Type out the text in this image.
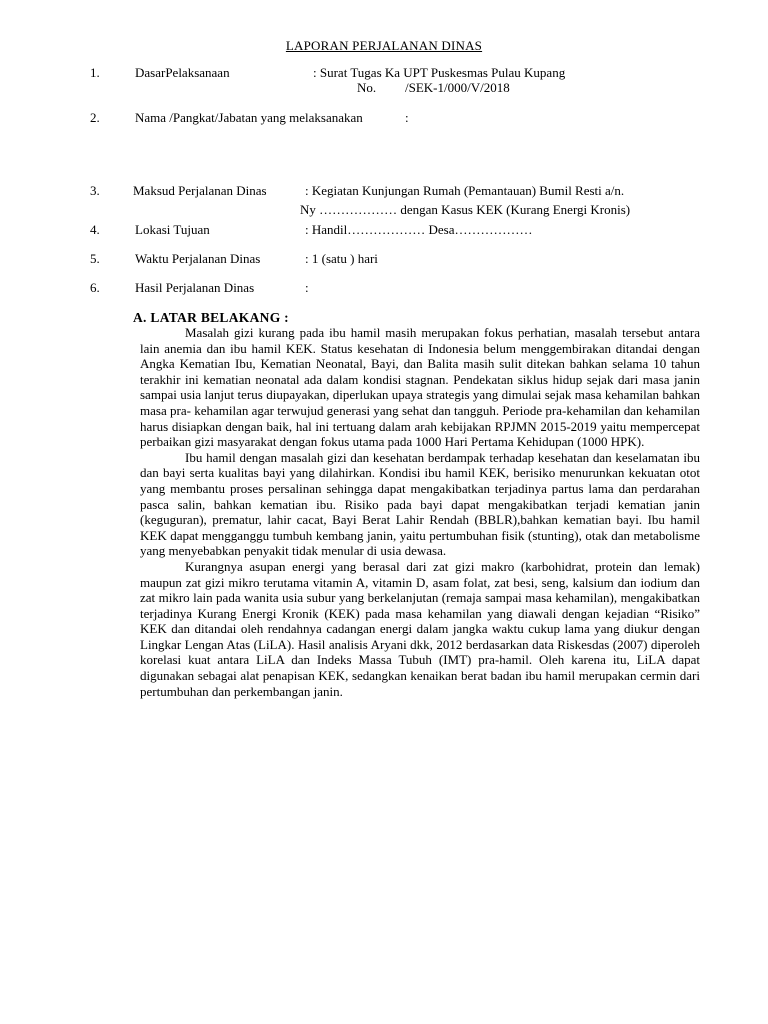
LAPORAN PERJALANAN DINAS
1.	DasarPelaksanaan	: Surat Tugas Ka UPT Puskesmas Pulau Kupang
No. /SEK-1/000/V/2018
2.	Nama /Pangkat/Jabatan yang melaksanakan	:
3.	Maksud Perjalanan Dinas	: Kegiatan Kunjungan Rumah (Pemantauan) Bumil Resti a/n.
Ny ……………… dengan Kasus KEK (Kurang Energi Kronis)
4.	Lokasi Tujuan	: Handil……………… Desa………………
5.	Waktu Perjalanan Dinas	: 1 (satu ) hari
6.	Hasil Perjalanan Dinas	:
A. LATAR BELAKANG :

Masalah gizi kurang pada ibu hamil masih merupakan fokus perhatian, masalah tersebut antara lain anemia dan ibu hamil KEK. Status kesehatan di Indonesia belum menggembirakan ditandai dengan Angka Kematian Ibu, Kematian Neonatal, Bayi, dan Balita masih sulit ditekan bahkan selama 10 tahun terakhir ini kematian neonatal ada dalam kondisi stagnan. Pendekatan siklus hidup sejak dari masa janin sampai usia lanjut terus diupayakan, diperlukan upaya strategis yang dimulai sejak masa kehamilan bahkan masa pra- kehamilan agar terwujud generasi yang sehat dan tangguh. Periode pra-kehamilan dan kehamilan harus disiapkan dengan baik, hal ini tertuang dalam arah kebijakan RPJMN 2015-2019 yaitu mempercepat perbaikan gizi masyarakat dengan fokus utama pada 1000 Hari Pertama Kehidupan (1000 HPK).

Ibu hamil dengan masalah gizi dan kesehatan berdampak terhadap kesehatan dan keselamatan ibu dan bayi serta kualitas bayi yang dilahirkan. Kondisi ibu hamil KEK, berisiko menurunkan kekuatan otot yang membantu proses persalinan sehingga dapat mengakibatkan terjadinya partus lama dan perdarahan pasca salin, bahkan kematian ibu. Risiko pada bayi dapat mengakibatkan terjadi kematian janin (keguguran), prematur, lahir cacat, Bayi Berat Lahir Rendah (BBLR),bahkan kematian bayi. Ibu hamil KEK dapat mengganggu tumbuh kembang janin, yaitu pertumbuhan fisik (stunting), otak dan metabolisme yang menyebabkan penyakit tidak menular di usia dewasa.

Kurangnya asupan energi yang berasal dari zat gizi makro (karbohidrat, protein dan lemak) maupun zat gizi mikro terutama vitamin A, vitamin D, asam folat, zat besi, seng, kalsium dan iodium dan zat mikro lain pada wanita usia subur yang berkelanjutan (remaja sampai masa kehamilan), mengakibatkan terjadinya Kurang Energi Kronik (KEK) pada masa kehamilan yang diawali dengan kejadian “Risiko” KEK dan ditandai oleh rendahnya cadangan energi dalam jangka waktu cukup lama yang diukur dengan Lingkar Lengan Atas (LiLA). Hasil analisis Aryani dkk, 2012 berdasarkan data Riskesdas (2007) diperoleh korelasi kuat antara LiLA dan Indeks Massa Tubuh (IMT) pra-hamil. Oleh karena itu, LiLA dapat digunakan sebagai alat penapisan KEK, sedangkan kenaikan berat badan ibu hamil merupakan cermin dari pertumbuhan dan perkembangan janin.
